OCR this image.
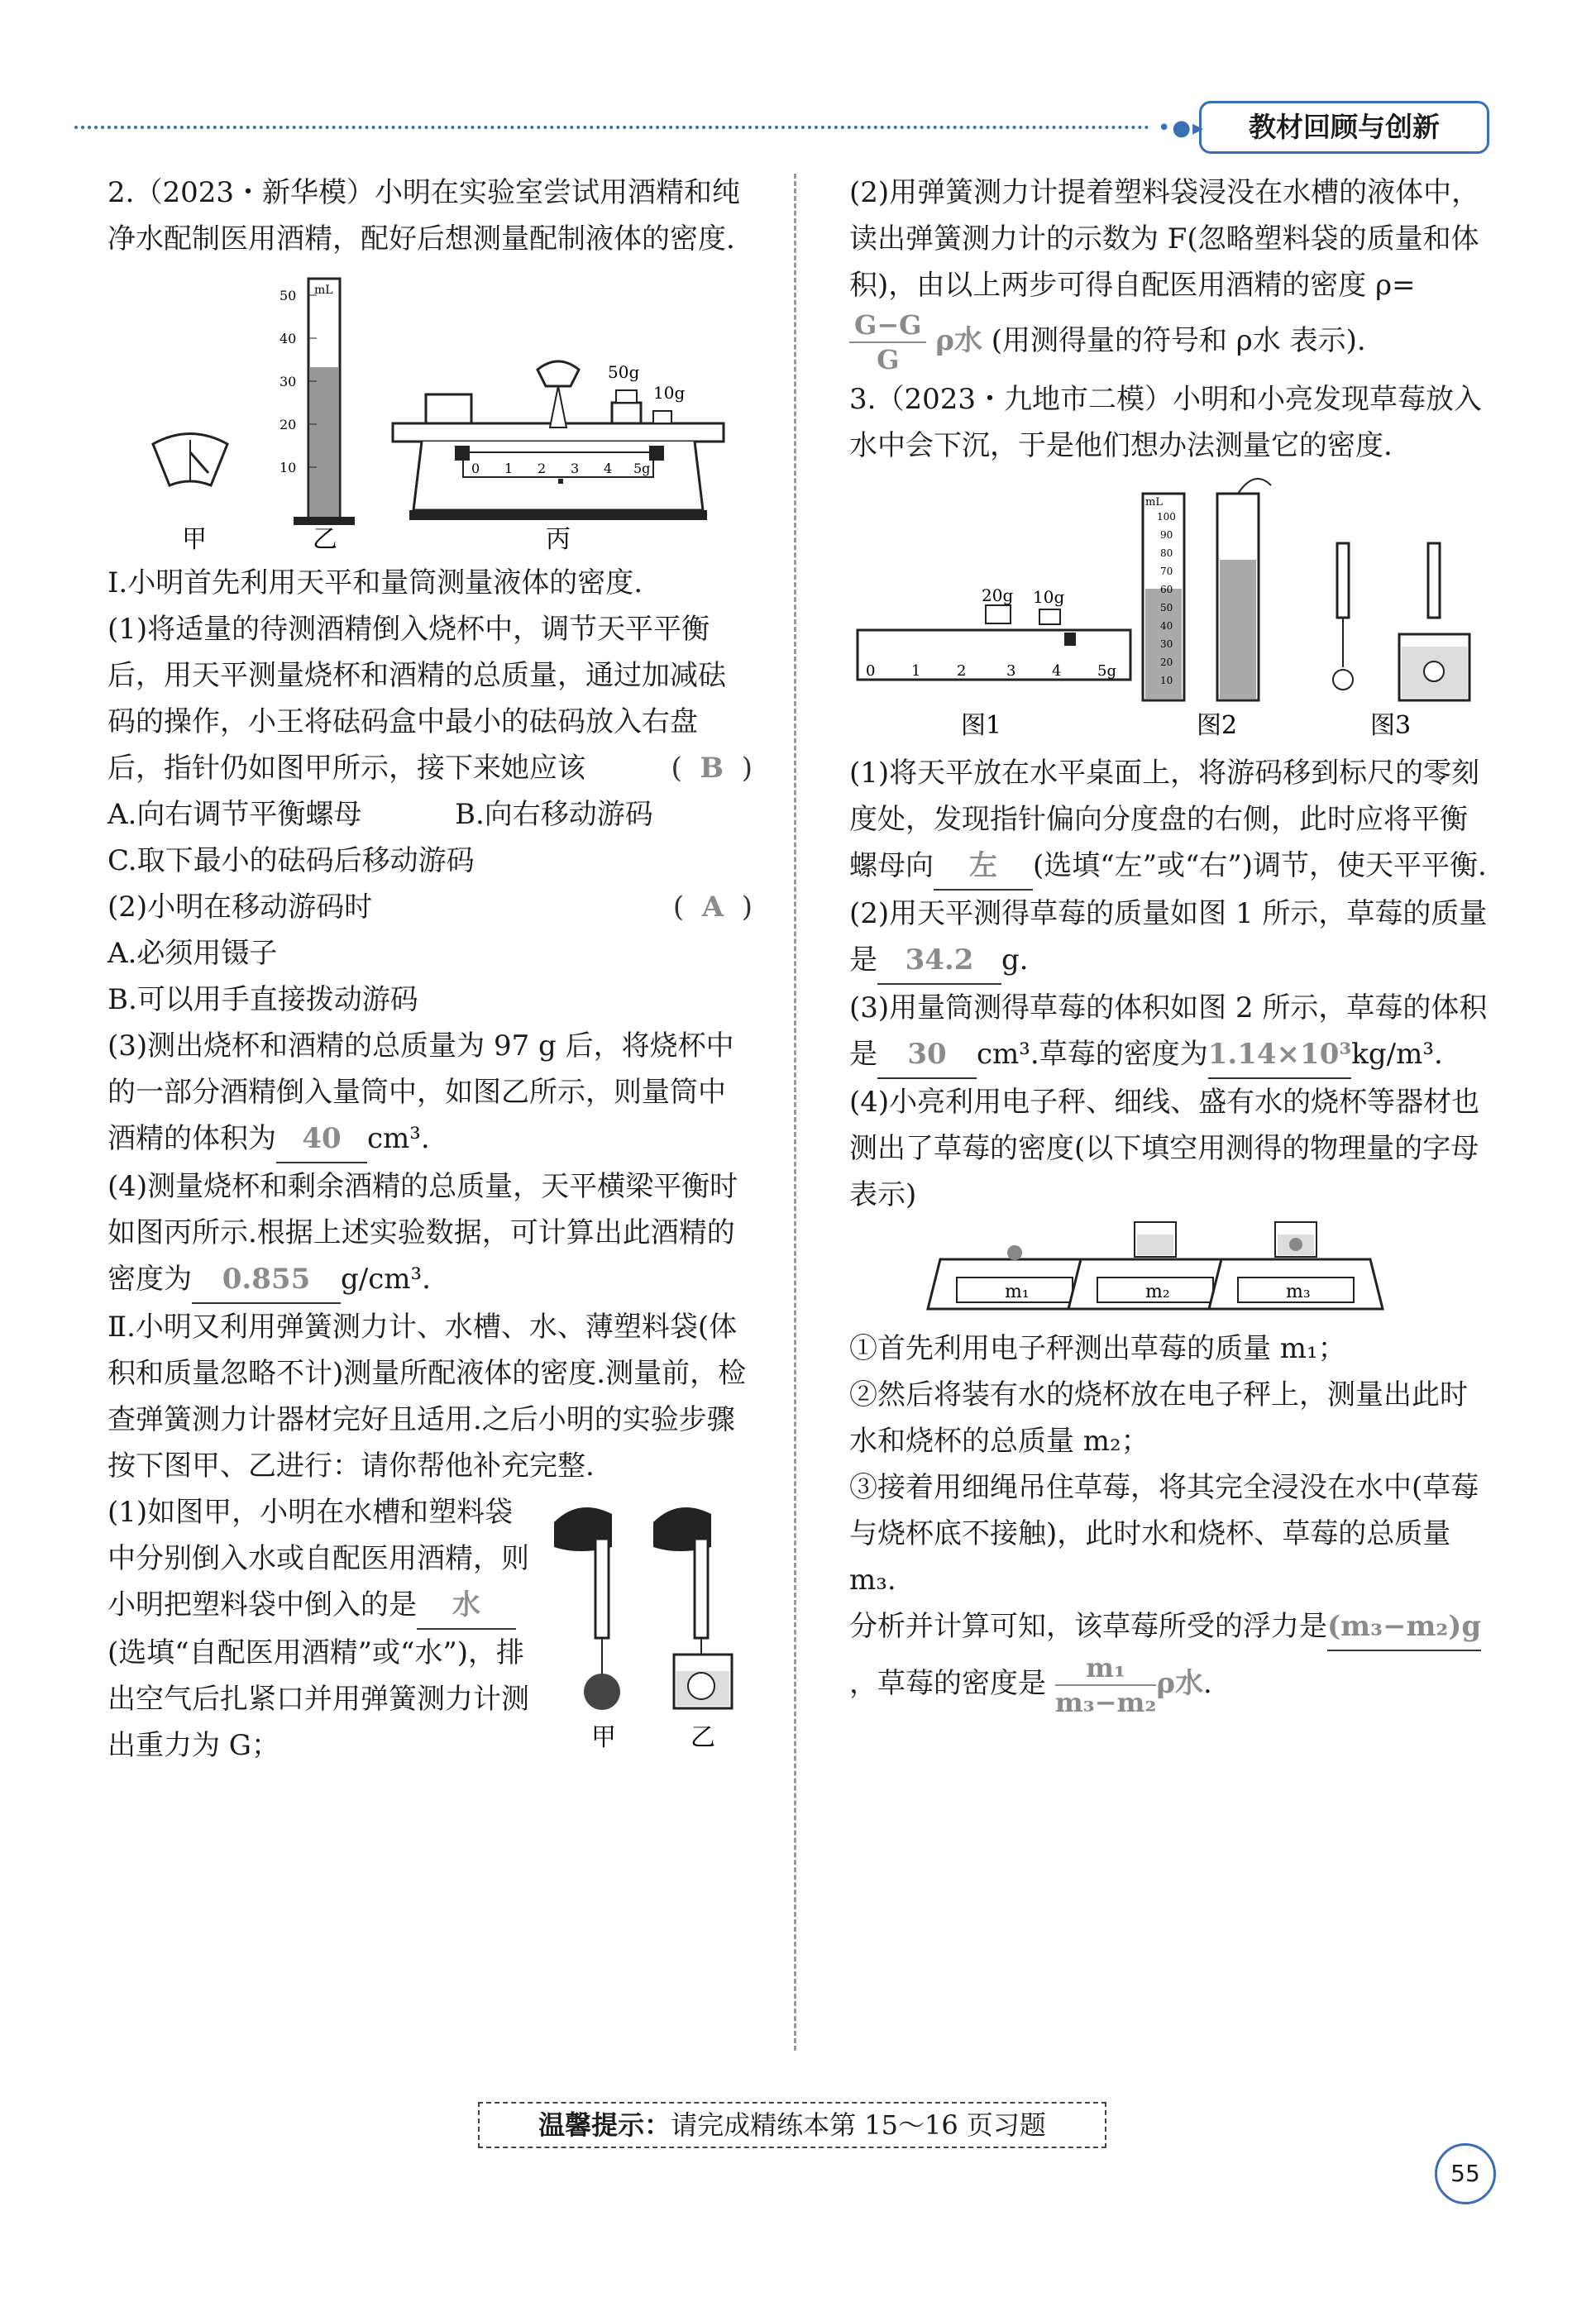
•●▸	教材回顾与创新

2.（2023・新华模）小明在实验室尝试用酒精和纯净水配制医用酒精，配好后想测量配制液体的密度.

mL
50
40
30
20
10
50g
10g
0 1 2 3 4 5g
甲	乙	丙

Ⅰ.小明首先利用天平和量筒测量液体的密度.

(1)将适量的待测酒精倒入烧杯中，调节天平平衡后，用天平测量烧杯和酒精的总质量，通过加减砝码的操作，小王将砝码盒中最小的砝码放入右盘后，指针仍如图甲所示，接下来她应该	(  B  )

A.向右调节平衡螺母	B.向右移动游码

C.取下最小的砝码后移动游码

(2)小明在移动游码时	(  A  )

A.必须用镊子

B.可以用手直接拨动游码

(3)测出烧杯和酒精的总质量为 97 g 后，将烧杯中的一部分酒精倒入量筒中，如图乙所示，则量筒中酒精的体积为 40 cm³.

(4)测量烧杯和剩余酒精的总质量，天平横梁平衡时如图丙所示.根据上述实验数据，可计算出此酒精的密度为 0.855 g/cm³.

Ⅱ.小明又利用弹簧测力计、水槽、水、薄塑料袋(体积和质量忽略不计)测量所配液体的密度.测量前，检查弹簧测力计器材完好且适用.之后小明的实验步骤按下图甲、乙进行：请你帮他补充完整.

(1)如图甲，小明在水槽和塑料袋中分别倒入水或自配医用酒精，则小明把塑料袋中倒入的是 水(选填“自配医用酒精”或“水”)，排出空气后扎紧口并用弹簧测力计测出重力为 G；	甲	乙

(2)用弹簧测力计提着塑料袋浸没在水槽的液体中，读出弹簧测力计的示数为 F(忽略塑料袋的质量和体积)，由以上两步可得自配医用酒精的密度 ρ=
$\frac{G-G}{G}$ ρ水 (用测得量的符号和 ρ水 表示).

3.（2023・九地市二模）小明和小亮发现草莓放入水中会下沉，于是他们想办法测量它的密度.

20g 10g
0 1 2	3 4 5g
mL
100
90
80
70
60
50
40
30
20
10
图1	图2	图3

(1)将天平放在水平桌面上，将游码移到标尺的零刻度处，发现指针偏向分度盘的右侧，此时应将平衡螺母向 左 (选填“左”或“右”)调节，使天平平衡.

(2)用天平测得草莓的质量如图 1 所示，草莓的质量是 34.2 g.

(3)用量筒测得草莓的体积如图 2 所示，草莓的体积是 30 cm³.草莓的密度为1.14×10³kg/m³.

(4)小亮利用电子秤、细线、盛有水的烧杯等器材也测出了草莓的密度(以下填空用测得的物理量的字母表示)

m₁	m₂	m₃

①首先利用电子秤测出草莓的质量 m₁；

②然后将装有水的烧杯放在电子秤上，测量出此时水和烧杯的总质量 m₂；

③接着用细绳吊住草莓，将其完全浸没在水中(草莓与烧杯底不接触)，此时水和烧杯、草莓的总质量 m₃.

分析并计算可知，该草莓所受的浮力是(m₃−m₂)g，草莓的密度是 $\frac{\text{m₁}}{\text{m₃−m₂}}$ ρ水.

温馨提示：请完成精练本第 15～16 页习题
55
